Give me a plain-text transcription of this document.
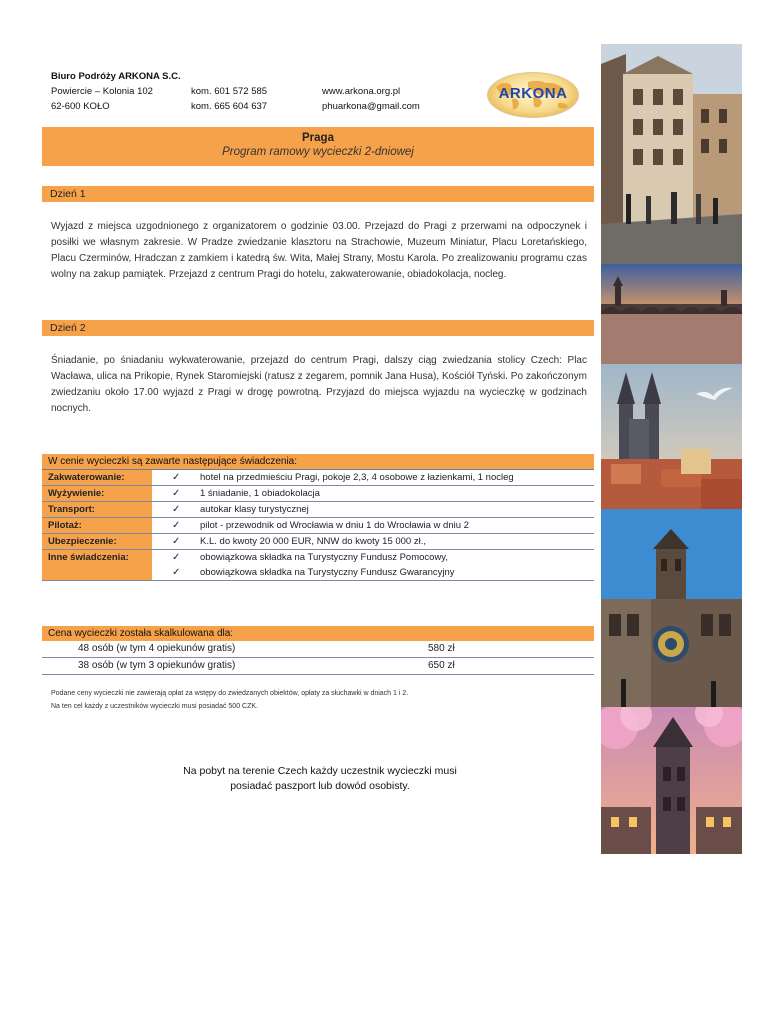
Biuro Podróży ARKONA S.C.
Powiercie – Kolonia 102
62-600 KOŁO
kom. 601 572 585
kom. 665 604 637
www.arkona.org.pl
phuarkona@gmail.com
ARKONA
Praga
Program ramowy wycieczki 2-dniowej
Dzień 1
Wyjazd z miejsca uzgodnionego z organizatorem o godzinie 03.00. Przejazd do Pragi z przerwami na odpoczynek i posiłki we własnym zakresie. W Pradze zwiedzanie klasztoru na Strachowie, Muzeum Miniatur, Placu Loretańskiego, Placu Czerminów, Hradczan z zamkiem i katedrą św. Wita, Małej Strany, Mostu Karola. Po zrealizowaniu programu czas wolny na zakup pamiątek. Przejazd z centrum Pragi do hotelu, zakwaterowanie, obiadokolacja, nocleg.
Dzień 2
Śniadanie, po śniadaniu wykwaterowanie, przejazd do centrum Pragi, dalszy ciąg zwiedzania stolicy Czech: Plac Wacława, ulica na Prikopie, Rynek Staromiejski (ratusz z zegarem, pomnik Jana Husa), Kościół Tyński. Po zakończonym zwiedzaniu około 17.00 wyjazd z Pragi w drogę powrotną. Przyjazd do miejsca wyjazdu na wycieczkę w godzinach nocnych.
W cenie wycieczki są zawarte następujące świadczenia:
Zakwaterowanie:	✓	hotel na przedmieściu Pragi, pokoje 2,3, 4 osobowe z łazienkami, 1 nocleg
Wyżywienie:	✓	1 śniadanie, 1 obiadokolacja
Transport:	✓	autokar klasy turystycznej
Pilotaż:	✓	pilot - przewodnik od Wrocławia w dniu 1 do Wrocławia w dniu 2
Ubezpieczenie:	✓	K.L. do kwoty 20 000 EUR, NNW do kwoty 15 000 zł.,
Inne świadczenia:	✓	obowiązkowa składka na Turystyczny Fundusz Pomocowy,
✓	obowiązkowa składka na Turystyczny Fundusz Gwarancyjny
Cena wycieczki została skalkulowana dla:
48 osób (w tym 4 opiekunów gratis)	580 zł
38 osób (w tym 3 opiekunów gratis)	650 zł
Podane ceny wycieczki nie zawierają opłat za wstępy do zwiedzanych obiektów, opłaty za słuchawki w dniach 1 i 2.
Na ten cel każdy z uczestników wycieczki musi posiadać 500 CZK.
Na pobyt na terenie Czech każdy uczestnik wycieczki musi
posiadać paszport lub dowód osobisty.
